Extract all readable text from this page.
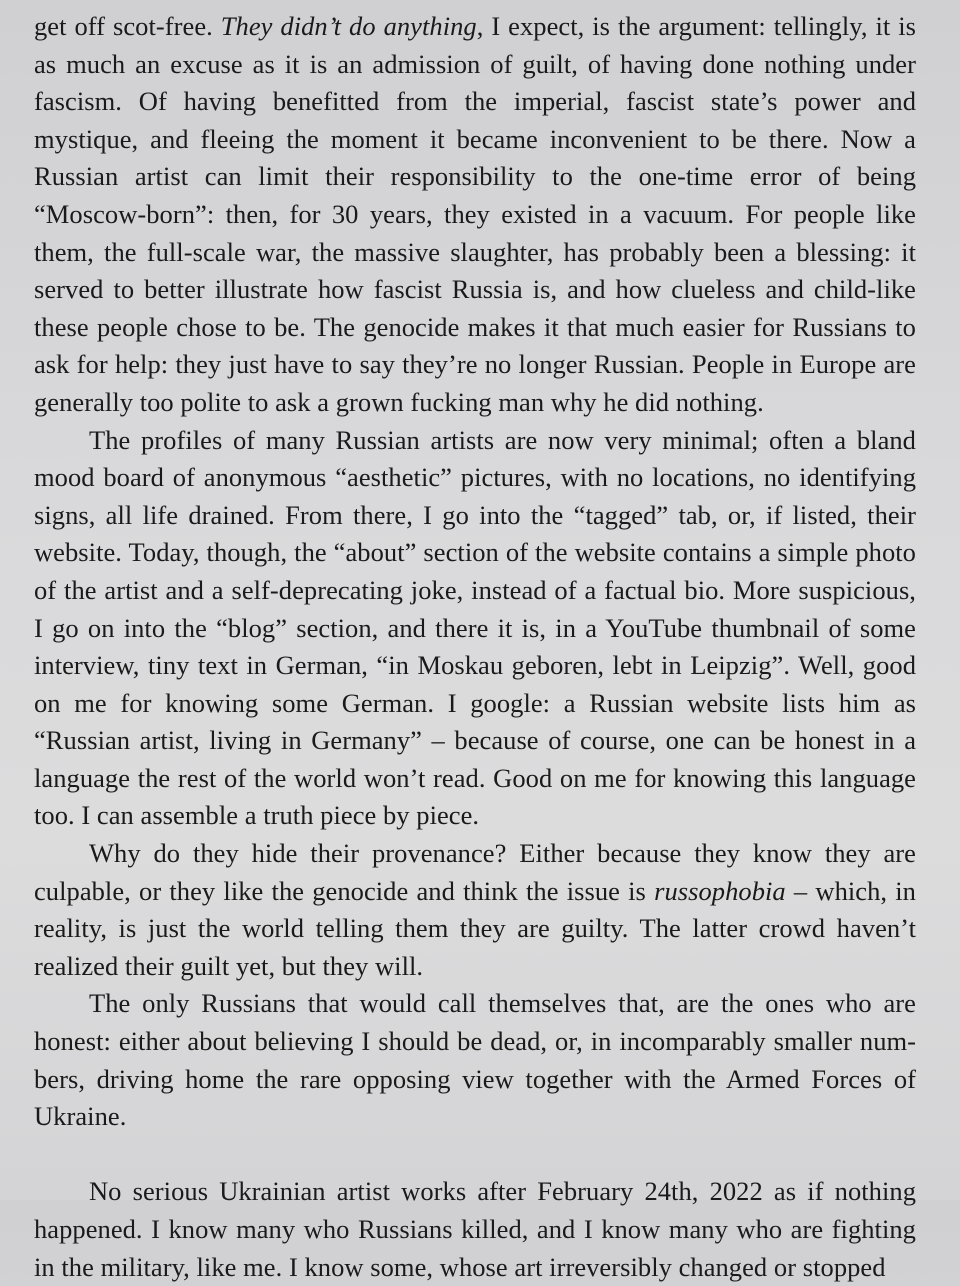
get off scot-free. They didn’t do anything, I expect, is the argument: tellingly, it is as much an excuse as it is an admission of guilt, of having done nothing under fascism. Of having benefitted from the imperial, fascist state’s power and mystique, and fleeing the moment it became inconvenient to be there. Now a Russian artist can limit their responsibility to the one-time error of being “Moscow-born”: then, for 30 years, they existed in a vacuum. For people like them, the full-scale war, the massive slaughter, has probably been a blessing: it served to better illustrate how fascist Russia is, and how clueless and child-like these people chose to be. The genocide makes it that much easier for Russians to ask for help: they just have to say they’re no longer Russian. People in Europe are generally too polite to ask a grown fucking man why he did nothing.

The profiles of many Russian artists are now very minimal; often a bland mood board of anonymous “aesthetic” pictures, with no locations, no identifying signs, all life drained. From there, I go into the “tagged” tab, or, if listed, their website. Today, though, the “about” section of the website contains a simple photo of the artist and a self-deprecating joke, instead of a factual bio. More suspicious, I go on into the “blog” section, and there it is, in a YouTube thumbnail of some interview, tiny text in German, “in Moskau geboren, lebt in Leipzig”. Well, good on me for knowing some German. I google: a Russian website lists him as “Russian artist, living in Germany” – because of course, one can be honest in a language the rest of the world won’t read. Good on me for knowing this language too. I can assemble a truth piece by piece.

Why do they hide their provenance? Either because they know they are culpable, or they like the genocide and think the issue is russophobia – which, in reality, is just the world telling them they are guilty. The latter crowd haven’t realized their guilt yet, but they will.

The only Russians that would call themselves that, are the ones who are honest: either about believing I should be dead, or, in incomparably smaller numbers, driving home the rare opposing view together with the Armed Forces of Ukraine.

No serious Ukrainian artist works after February 24th, 2022 as if nothing happened. I know many who Russians killed, and I know many who are fighting in the military, like me. I know some, whose art irreversibly changed or stopped
